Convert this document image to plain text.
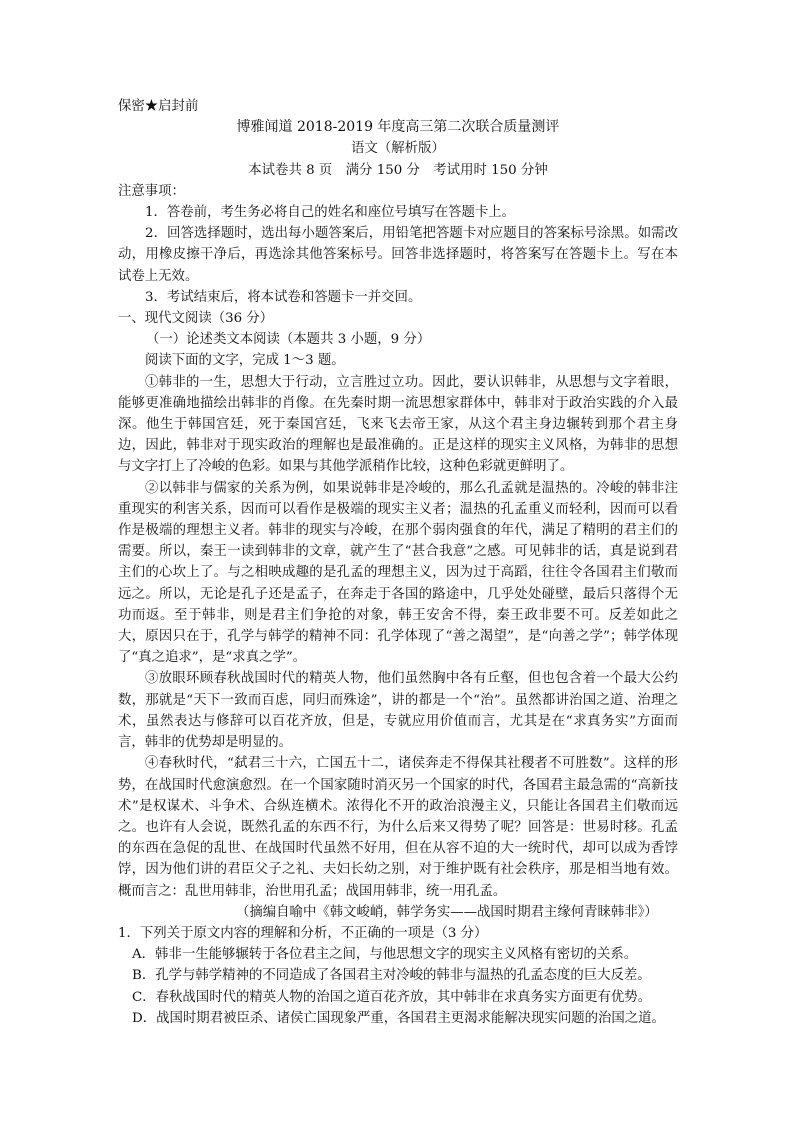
保密★启封前
博雅闻道 2018-2019 年度高三第二次联合质量测评
语文（解析版）
本试卷共 8 页　满分 150 分　考试用时 150 分钟
注意事项：
1．答卷前，考生务必将自己的姓名和座位号填写在答题卡上。
2．回答选择题时，选出每小题答案后，用铅笔把答题卡对应题目的答案标号涂黑。如需改动，用橡皮擦干净后，再选涂其他答案标号。回答非选择题时，将答案写在答题卡上。写在本试卷上无效。
3．考试结束后，将本试卷和答题卡一并交回。
一、现代文阅读（36 分）
（一）论述类文本阅读（本题共 3 小题，9 分）
阅读下面的文字，完成 1～3 题。

①韩非的一生，思想大于行动，立言胜过立功。因此，要认识韩非，从思想与文字着眼，能够更准确地描绘出韩非的肖像。在先秦时期一流思想家群体中，韩非对于政治实践的介入最深。他生于韩国宫廷，死于秦国宫廷，飞来飞去帝王家，从这个君主身边辗转到那个君主身边，因此，韩非对于现实政治的理解也是最准确的。正是这样的现实主义风格，为韩非的思想与文字打上了冷峻的色彩。如果与其他学派稍作比较，这种色彩就更鲜明了。

②以韩非与儒家的关系为例，如果说韩非是冷峻的，那么孔孟就是温热的。冷峻的韩非注重现实的利害关系，因而可以看作是极端的现实主义者；温热的孔孟重义而轻利，因而可以看作是极端的理想主义者。韩非的现实与冷峻，在那个弱肉强食的年代，满足了精明的君主们的需要。所以，秦王一读到韩非的文章，就产生了“甚合我意”之感。可见韩非的话，真是说到君主们的心坎上了。与之相映成趣的是孔孟的理想主义，因为过于高蹈，往往令各国君主们敬而远之。所以，无论是孔子还是孟子，在奔走于各国的路途中，几乎处处碰壁，最后只落得个无功而返。至于韩非，则是君主们争抢的对象，韩王安舍不得，秦王政非要不可。反差如此之大，原因只在于，孔学与韩学的精神不同：孔学体现了“善之渴望”，是“向善之学”；韩学体现了“真之追求”，是“求真之学”。

③放眼环顾春秋战国时代的精英人物，他们虽然胸中各有丘壑，但也包含着一个最大公约数，那就是“天下一致而百虑，同归而殊途”，讲的都是一个“治”。虽然都讲治国之道、治理之术，虽然表达与修辞可以百花齐放，但是，专就应用价值而言，尤其是在“求真务实”方面而言，韩非的优势却是明显的。

④春秋时代，“弑君三十六，亡国五十二，诸侯奔走不得保其社稷者不可胜数”。这样的形势，在战国时代愈演愈烈。在一个国家随时消灭另一个国家的时代，各国君主最急需的“高新技术”是权谋术、斗争术、合纵连横术。浓得化不开的政治浪漫主义，只能让各国君主们敬而远之。也许有人会说，既然孔孟的东西不行，为什么后来又得势了呢？回答是：世易时移。孔孟的东西在急促的乱世、在战国时代虽然不好用，但在从容不迫的大一统时代，却可以成为香饽饽，因为他们讲的君臣父子之礼、夫妇长幼之别，对于维护既有社会秩序，那是相当地有效。概而言之：乱世用韩非，治世用孔孟；战国用韩非，统一用孔孟。

（摘编自喻中《韩文峻峭，韩学务实——战国时期君主缘何青睐韩非》）
1．下列关于原文内容的理解和分析，不正确的一项是（3 分）
A．韩非一生能够辗转于各位君主之间，与他思想文字的现实主义风格有密切的关系。
B．孔学与韩学精神的不同造成了各国君主对冷峻的韩非与温热的孔孟态度的巨大反差。
C．春秋战国时代的精英人物的治国之道百花齐放，其中韩非在求真务实方面更有优势。
D．战国时期君被臣杀、诸侯亡国现象严重，各国君主更渴求能解决现实问题的治国之道。
